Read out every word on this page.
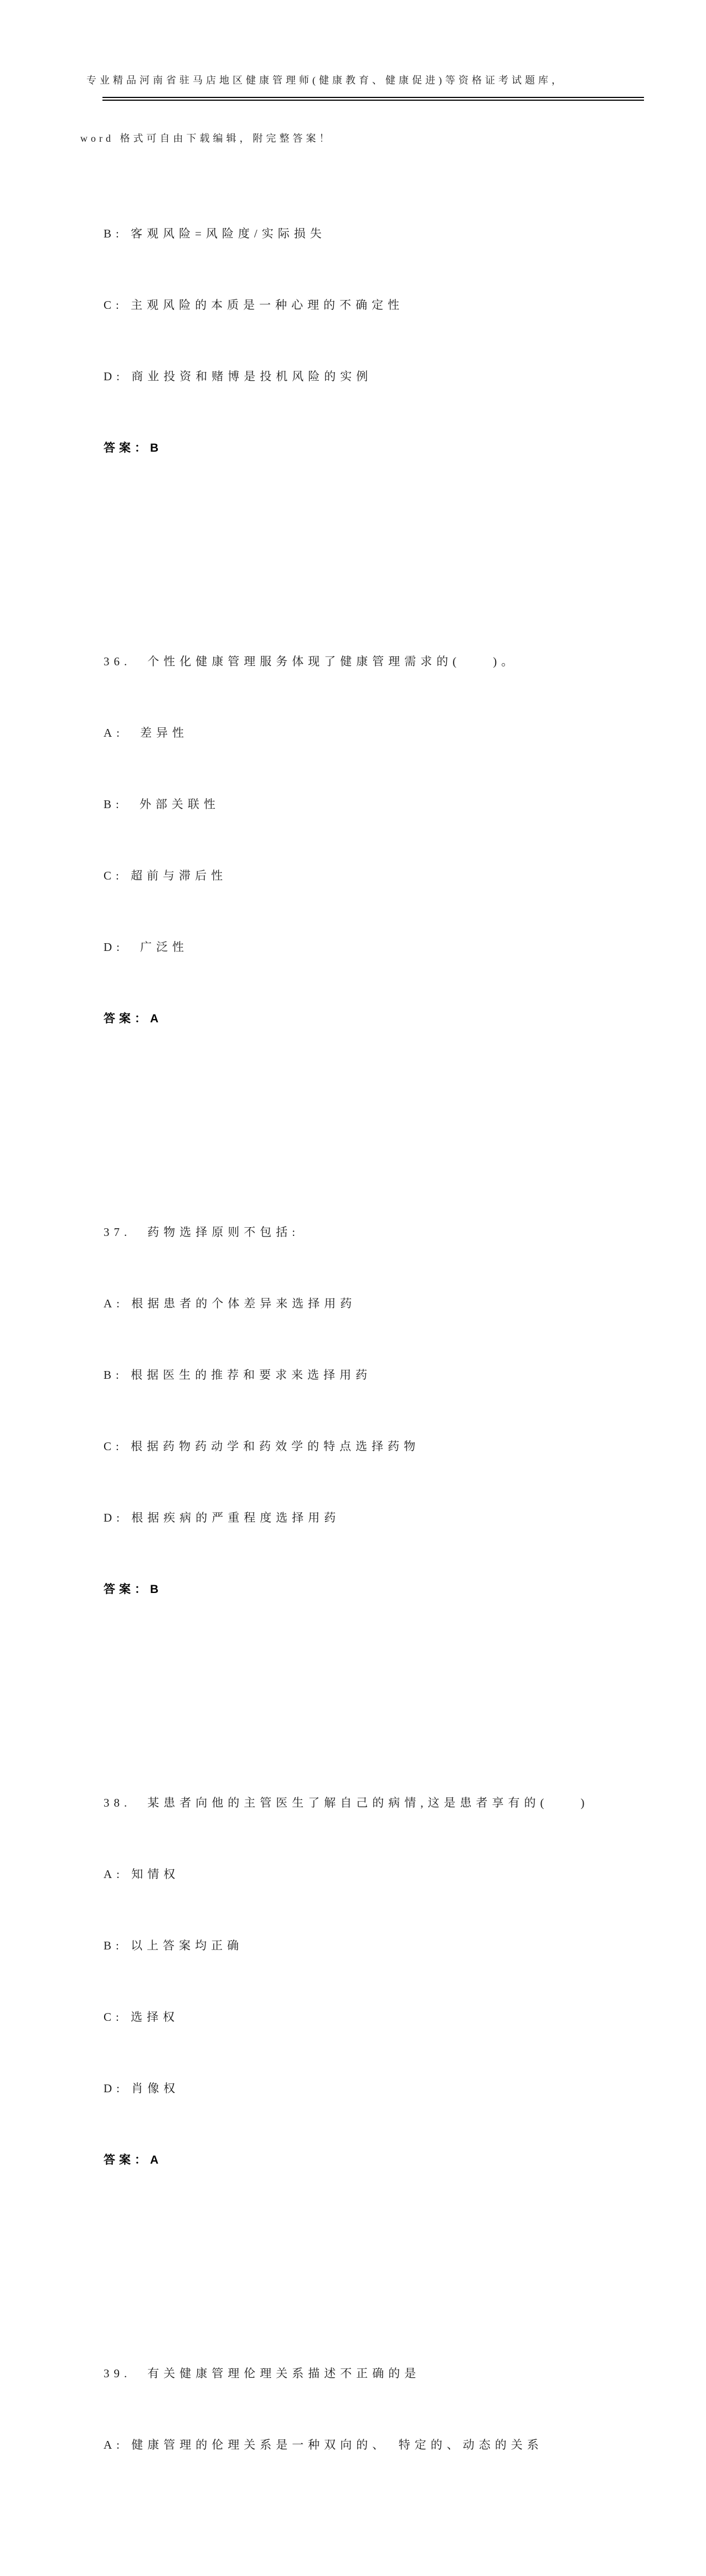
专业精品河南省驻马店地区健康管理师(健康教育、健康促进)等资格证考试题库，

word 格式可自由下载编辑，附完整答案！

B: 客观风险=风险度/实际损失

C: 主观风险的本质是一种心理的不确定性

D: 商业投资和赌博是投机风险的实例

答案：B

36.　个性化健康管理服务体现了健康管理需求的(　　)。

A:　差异性

B:　外部关联性

C: 超前与滞后性

D:　广泛性

答案：A

37.　药物选择原则不包括:

A: 根据患者的个体差异来选择用药

B: 根据医生的推荐和要求来选择用药

C: 根据药物药动学和药效学的特点选择药物

D: 根据疾病的严重程度选择用药

答案：B

38.　某患者向他的主管医生了解自己的病情,这是患者享有的(　　)

A: 知情权

B: 以上答案均正确

C: 选择权

D: 肖像权

答案：A

39.　有关健康管理伦理关系描述不正确的是

A: 健康管理的伦理关系是一种双向的、　特定的、动态的关系
